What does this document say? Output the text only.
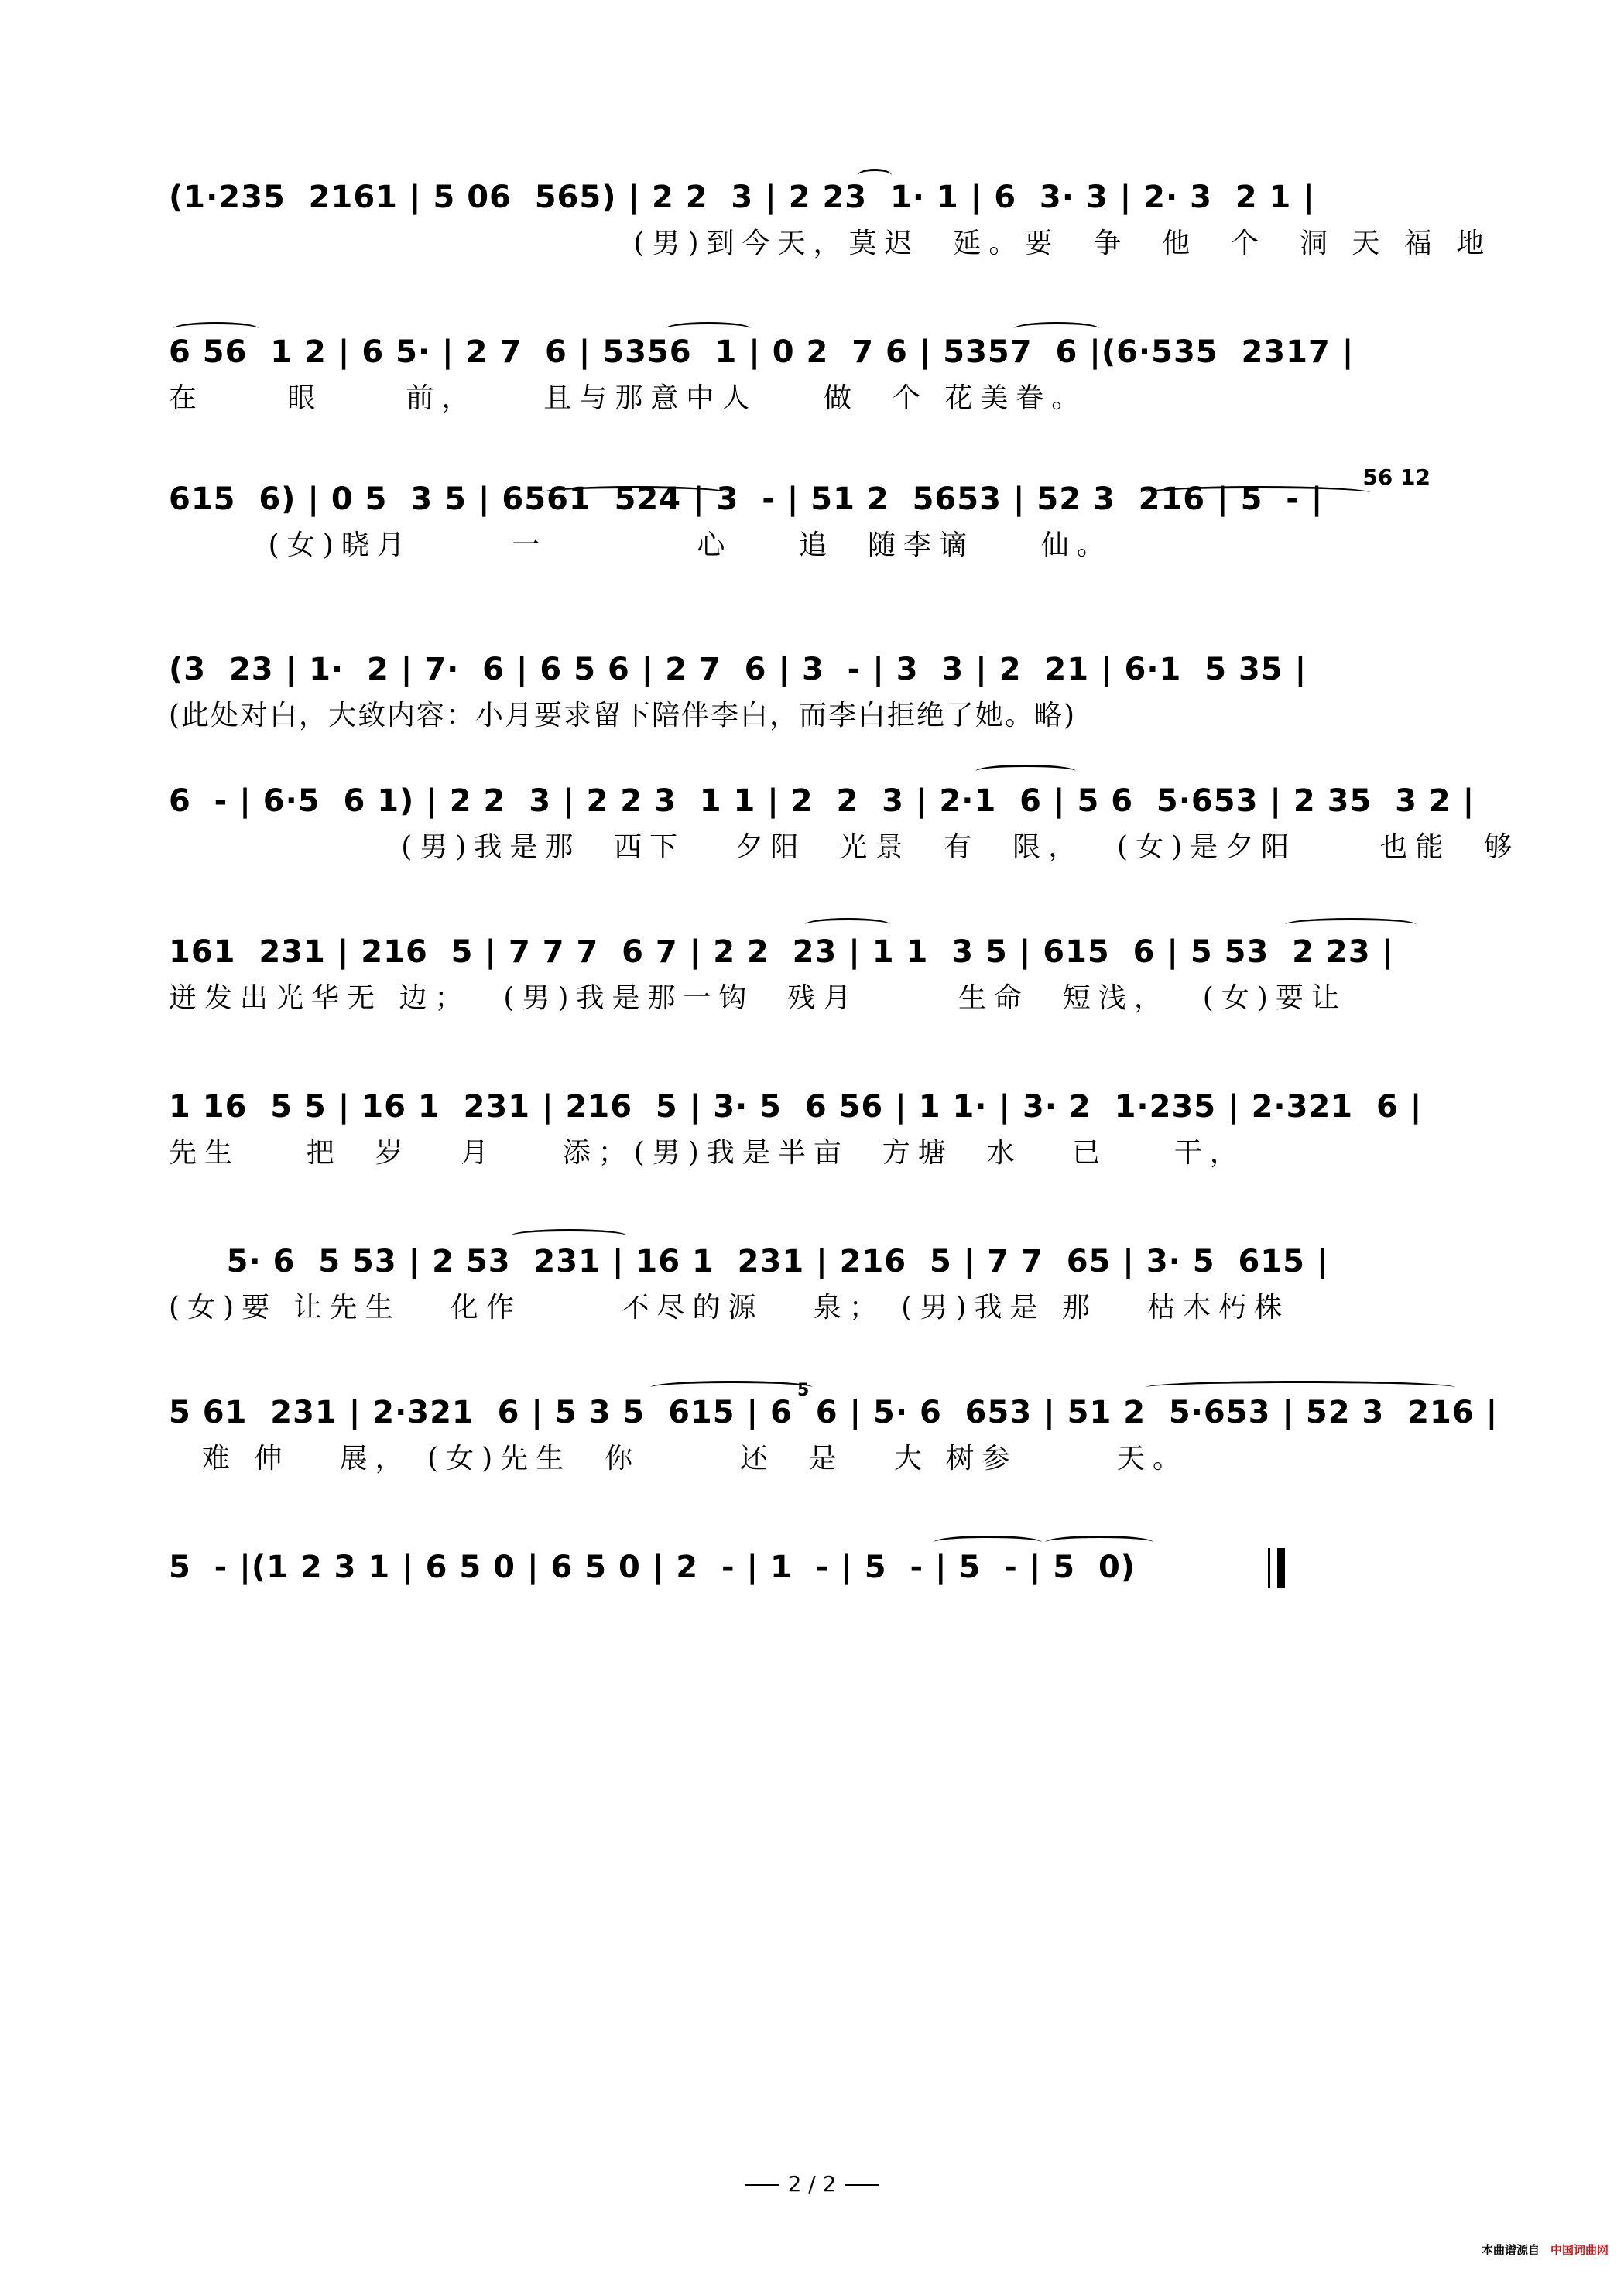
(1·235  2161 | 5 06  565) | 2 2  3 | 2 23  1· 1 | 6  3· 3 | 2· 3  2 1 |
(男)到今天，莫迟  延。要  争  他  个  洞 天 福 地
6 56  1 2 | 6 5· | 2 7  6 | 5356  1 | 0 2  7 6 | 5357  6 |(6·535  2317 |
在     眼     前，    且与那意中人    做  个 花美眷。
56 12
615  6) | 0 5  3 5 | 6561  524 | 3  - | 51 2  5653 | 52 3  216 | 5  - |
(女)晓月      一         心    追  随李谪    仙。
(3  23 | 1·  2 | 7·  6 | 6 5 6 | 2 7  6 | 3  - | 3  3 | 2  21 | 6·1  5 35 |
(此处对白，大致内容：小月要求留下陪伴李白，而李白拒绝了她。略)
6  - | 6·5  6 1) | 2 2  3 | 2 2 3  1 1 | 2  2  3 | 2·1  6 | 5 6  5·653 | 2 35  3 2 |
(男)我是那  西下   夕阳  光景  有  限，  (女)是夕阳     也能  够
161  231 | 216  5 | 7 7 7  6 7 | 2 2  23 | 1 1  3 5 | 615  6 | 5 53  2 23 |
迸发出光华无 边；  (男)我是那一钩  残月      生命  短浅，  (女)要让
1 16  5 5 | 16 1  231 | 216  5 | 3· 5  6 56 | 1 1· | 3· 2  1·235 | 2·321  6 |
先生    把  岁   月    添；(男)我是半亩  方塘  水   已    干，
5· 6  5 53 | 2 53  231 | 16 1  231 | 216  5 | 7 7  65 | 3· 5  615 |
(女)要 让先生   化作      不尽的源   泉； (男)我是 那   枯木朽株
5 61  231 | 2·321  6 | 5 3 5  615 | 6  6 | 5· 6  653 | 51 2  5·653 | 52 3  216 |
5
难 伸   展， (女)先生  你      还  是   大 树参      天。
5  - |(1 2 3 1 | 6 5 0 | 6 5 0 | 2  - | 1  - | 5  - | 5  - | 5  0)
2 / 2
本曲谱源自 中国词曲网
